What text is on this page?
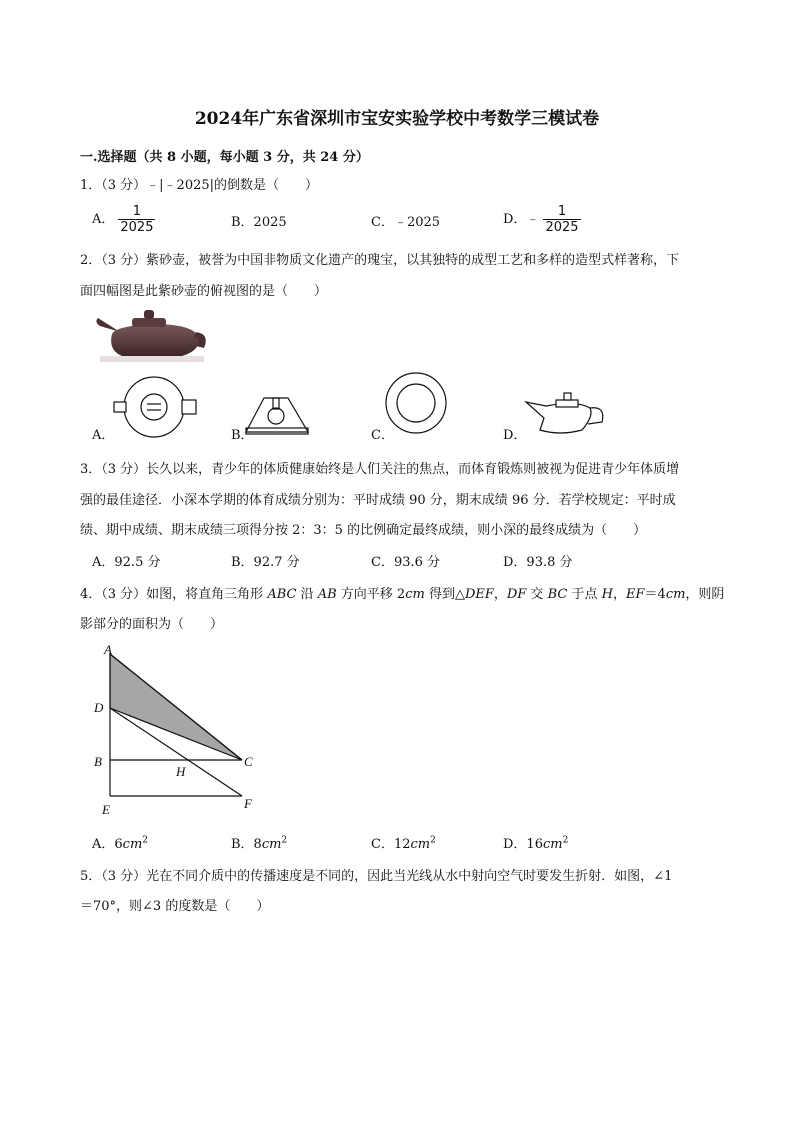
2024年广东省深圳市宝安实验学校中考数学三模试卷
一.选择题（共 8 小题，每小题 3 分，共 24 分）
1．（3 分）﹣|﹣2025|的倒数是（　　）
A． $\frac{1}{2025}$	B．2025	C．﹣2025	D．﹣ $\frac{1}{2025}$
2．（3 分）紫砂壶，被誉为中国非物质文化遗产的瑰宝，以其独特的成型工艺和多样的造型式样著称，下
面四幅图是此紫砂壶的俯视图的是（　　）
A．	B．	C．	D．
3．（3 分）长久以来，青少年的体质健康始终是人们关注的焦点，而体育锻炼则被视为促进青少年体质增
强的最佳途径．小深本学期的体育成绩分别为：平时成绩 90 分，期末成绩 96 分．若学校规定：平时成
绩、期中成绩、期末成绩三项得分按 2：3：5 的比例确定最终成绩，则小深的最终成绩为（　　）
A．92.5 分	B．92.7 分	C．93.6 分	D．93.8 分
4．（3 分）如图，将直角三角形 ABC 沿 AB 方向平移 2cm 得到△DEF，DF 交 BC 于点 H，EF＝4cm，则阴
影部分的面积为（　　）
A
D
B
H
C
E	F
A．$6cm^2$	B．$8cm^2$	C．$12cm^2$	D．$16cm^2$
5．（3 分）光在不同介质中的传播速度是不同的，因此当光线从水中射向空气时要发生折射．如图，∠1
＝70°，则∠3 的度数是（　　）
